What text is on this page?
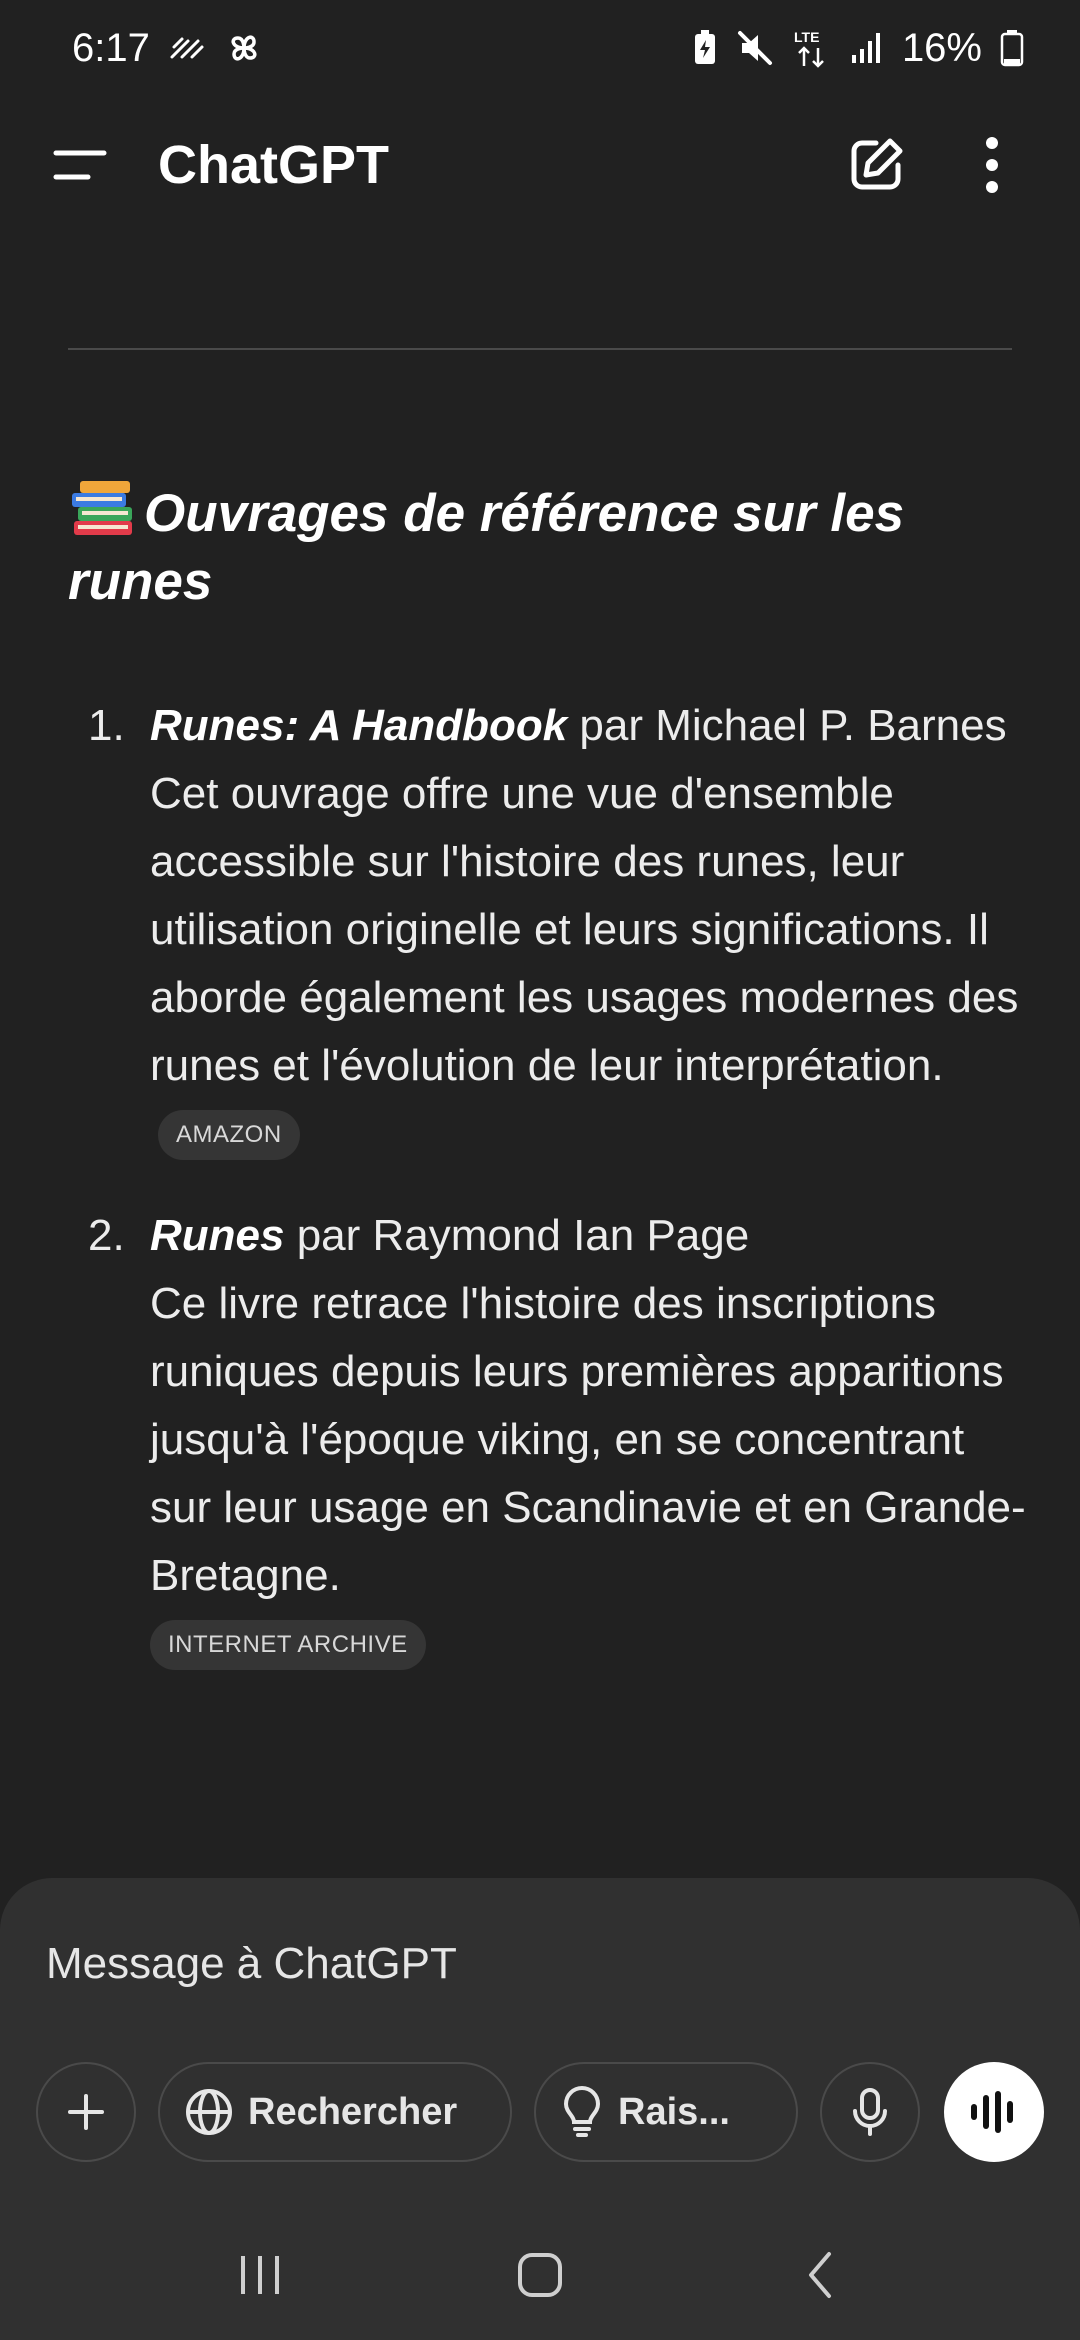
6:17	LTE 16%
ChatGPT
Ouvrages de référence sur les runes
1. Runes: A Handbook par Michael P. Barnes
Cet ouvrage offre une vue d'ensemble accessible sur l'histoire des runes, leur utilisation originelle et leurs significations. Il aborde également les usages modernes des runes et l'évolution de leur interprétation. AMAZON
2. Runes par Raymond Ian Page
Ce livre retrace l'histoire des inscriptions runiques depuis leurs premières apparitions jusqu'à l'époque viking, en se concentrant sur leur usage en Scandinavie et en Grande-Bretagne.
INTERNET ARCHIVE
Message à ChatGPT
Rechercher	Rais...
